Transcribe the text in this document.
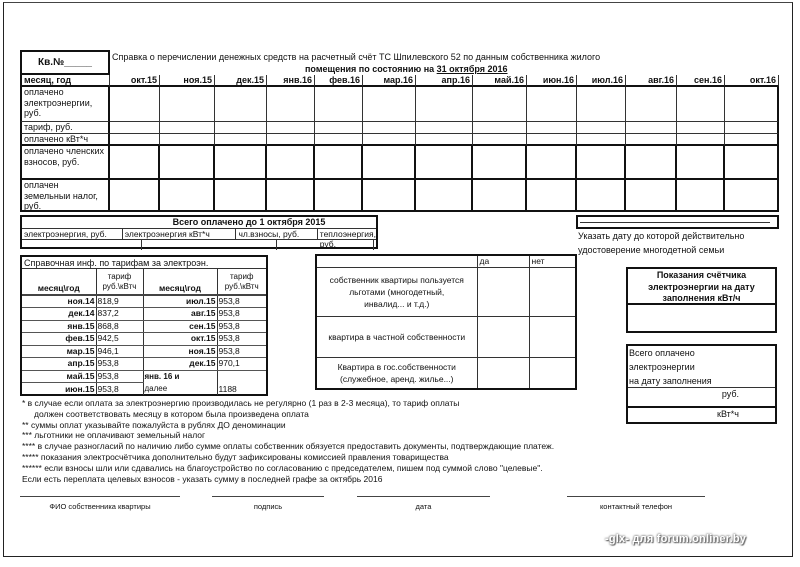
Кв.№_____	Справка о перечислении денежных средств на расчетный счёт ТС Шпилевского 52 по данным собственника жилого
помещения по состоянию на 31 октября 2016
месяц, год	окт.15	ноя.15	дек.15	янв.16	фев.16	мар.16	апр.16	май.16	июн.16	июл.16	авг.16	сен.16	окт.16
оплачено электроэнергии, руб.
тариф, руб.
оплачено кВт*ч
оплачено членских взносов, руб.
оплачен земельныи налог, руб.
Всего оплачено до 1 октября 2015
электроэнергия, руб.	электроэнергия кВт*ч	чл.взносы, руб.	теплоэнергия, руб.
Указать дату до которой действительно
удостоверение многодетной семьи
Справочная инф. по тарифам за электроэн.
месяц\год	
тариф
руб.\кВтч	месяц\год	
тариф
руб.\кВтч

ноя.14	818,9	июл.15	953,8
дек.14	837,2	авг.15	953,8
янв.15	868,8	сен.15	953,8
фев.15	942,5	окт.15	953,8
мар.15	946,1	ноя.15	953,8
апр.15	953,8	дек.15	970,1
май.15	953,8	янв. 16 и
далее	1188
июн.15	953,8		
	да	нет

собственник квартиры пользуется
льготами (многодетный,
инвалид... и т.д.)		

квартира в частной собственности		

Квартира в гос.собственности
(служебное, аренд. жилье...)		

Показания счётчика
электроэнергии на дату
заполнения кВт/ч
Всего оплачено
электроэнергии
на дату заполнения
руб.
кВт*ч
* в случае если оплата за электроэнергию производилась не регулярно (1 раз в 2-3 месяца), то тариф оплаты
должен соответствовать месяцу в котором была произведена оплата
** суммы оплат указывайте пожалуйста в рублях ДО деноминации
*** льготники не оплачивают земельный налог
**** в случае разногласий по наличию либо сумме оплаты собственник обязуется предоставить документы, подтверждающие платеж.
***** показания электросчётчика дополнительно будут зафиксированы комиссией правления товарищества
****** если взносы шли или сдавались на благоустройство по согласованию с председателем, пишем под суммой слово "целевые".
Если есть переплата целевых взносов - указать сумму в последней графе за октябрь 2016
ФИО собственника квартиры	подпись	дата	контактный телефон
-glx- для forum.onliner.by
